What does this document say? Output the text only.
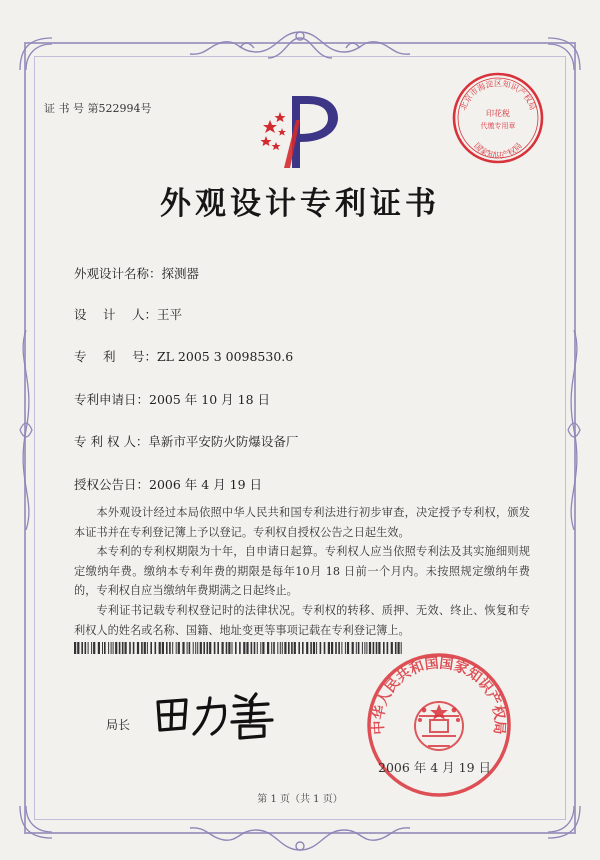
证 书 号 第522994号	北京市海淀区知识产权局
印花税
代缴专用章
国家知识产权局
外观设计专利证书
外观设计名称：探测器
设　 计 　人：王平
专　 利 　号：ZL 2005 3 0098530.6
专利申请日：2005 年 10 月 18 日
专 利 权 人：阜新市平安防火防爆设备厂
授权公告日：2006 年 4 月 19 日

本外观设计经过本局依照中华人民共和国专利法进行初步审查，决定授予专利权，颁发本证书并在专利登记簿上予以登记。专利权自授权公告之日起生效。

本专利的专利权期限为十年，自申请日起算。专利权人应当依照专利法及其实施细则规定缴纳年费。缴纳本专利年费的期限是每年10月 18 日前一个月内。未按照规定缴纳年费的，专利权自应当缴纳年费期满之日起终止。

专利证书记载专利权登记时的法律状况。专利权的转移、质押、无效、终止、恢复和专利权人的姓名或名称、国籍、地址变更等事项记载在专利登记簿上。

局长	中华人民共和国国家知识产权局
2006 年 4 月 19 日
第 1 页（共 1 页）
